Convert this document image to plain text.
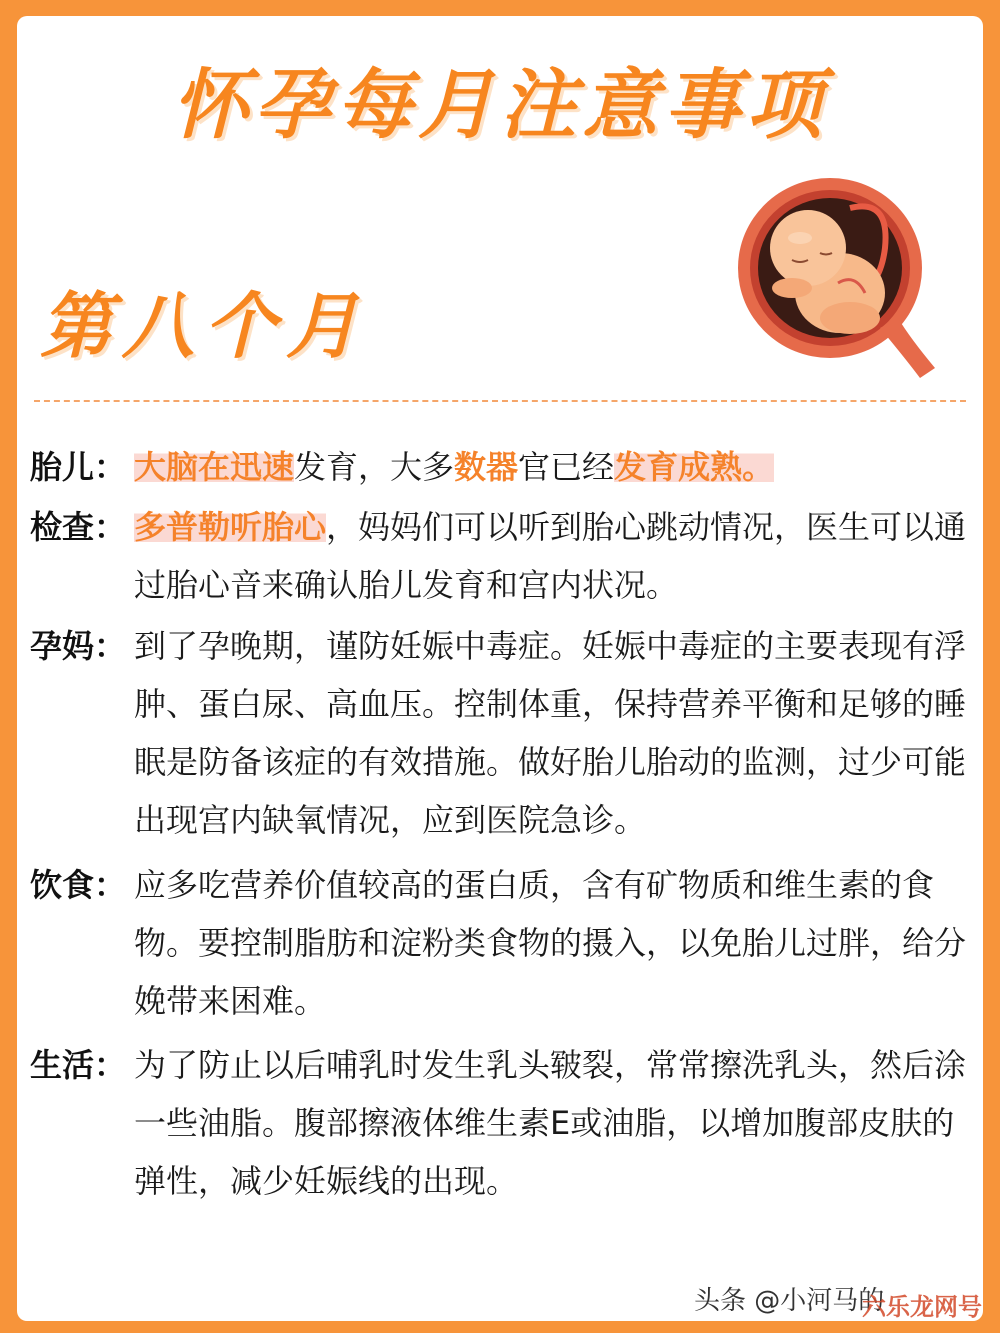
怀孕每月注意事项
第八个月
胎儿： 大脑在迅速发育，大多数器官已经发育成熟。
检查： 多普勒听胎心，妈妈们可以听到胎心跳动情况，医生可以通过胎心音来确认胎儿发育和宫内状况。
孕妈： 到了孕晚期，谨防妊娠中毒症。妊娠中毒症的主要表现有浮肿、蛋白尿、高血压。控制体重，保持营养平衡和足够的睡眠是防备该症的有效措施。做好胎儿胎动的监测，过少可能出现宫内缺氧情况，应到医院急诊。
饮食： 应多吃营养价值较高的蛋白质，含有矿物质和维生素的食物。要控制脂肪和淀粉类食物的摄入，以免胎儿过胖，给分娩带来困难。
生活： 为了防止以后哺乳时发生乳头皲裂，常常擦洗乳头，然后涂一些油脂。腹部擦液体维生素E或油脂，以增加腹部皮肤的弹性，减少妊娠线的出现。
头条 @小河马的
六乐龙网号
